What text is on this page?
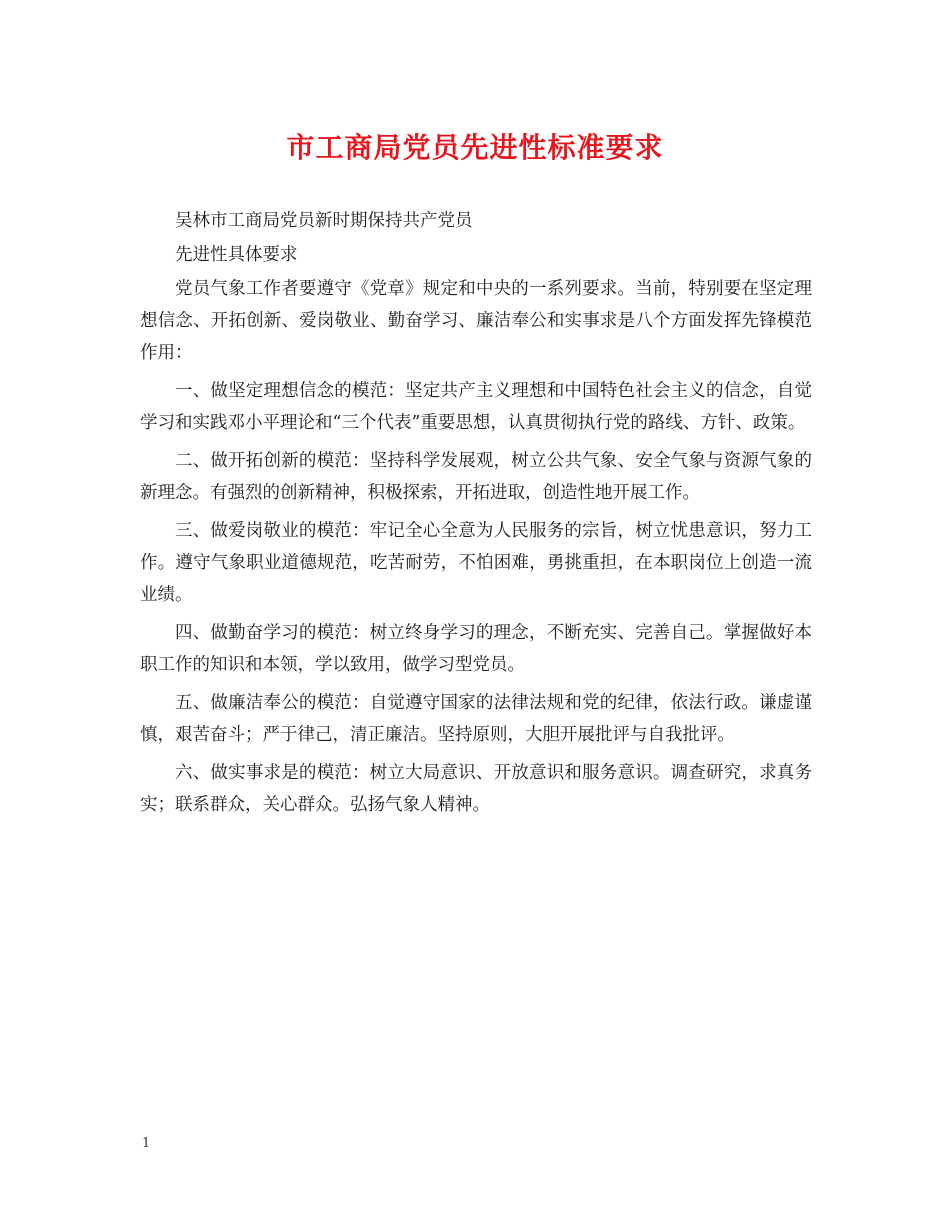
市工商局党员先进性标准要求

吴林市工商局党员新时期保持共产党员

先进性具体要求

党员气象工作者要遵守《党章》规定和中央的一系列要求。当前，特别要在坚定理想信念、开拓创新、爱岗敬业、勤奋学习、廉洁奉公和实事求是八个方面发挥先锋模范作用：

一、做坚定理想信念的模范：坚定共产主义理想和中国特色社会主义的信念，自觉学习和实践邓小平理论和“三个代表”重要思想，认真贯彻执行党的路线、方针、政策。

二、做开拓创新的模范：坚持科学发展观，树立公共气象、安全气象与资源气象的新理念。有强烈的创新精神，积极探索，开拓进取，创造性地开展工作。

三、做爱岗敬业的模范：牢记全心全意为人民服务的宗旨，树立忧患意识，努力工作。遵守气象职业道德规范，吃苦耐劳，不怕困难，勇挑重担，在本职岗位上创造一流业绩。

四、做勤奋学习的模范：树立终身学习的理念，不断充实、完善自己。掌握做好本职工作的知识和本领，学以致用，做学习型党员。

五、做廉洁奉公的模范：自觉遵守国家的法律法规和党的纪律，依法行政。谦虚谨慎，艰苦奋斗；严于律己，清正廉洁。坚持原则，大胆开展批评与自我批评。

六、做实事求是的模范：树立大局意识、开放意识和服务意识。调查研究，求真务实；联系群众，关心群众。弘扬气象人精神。

1
